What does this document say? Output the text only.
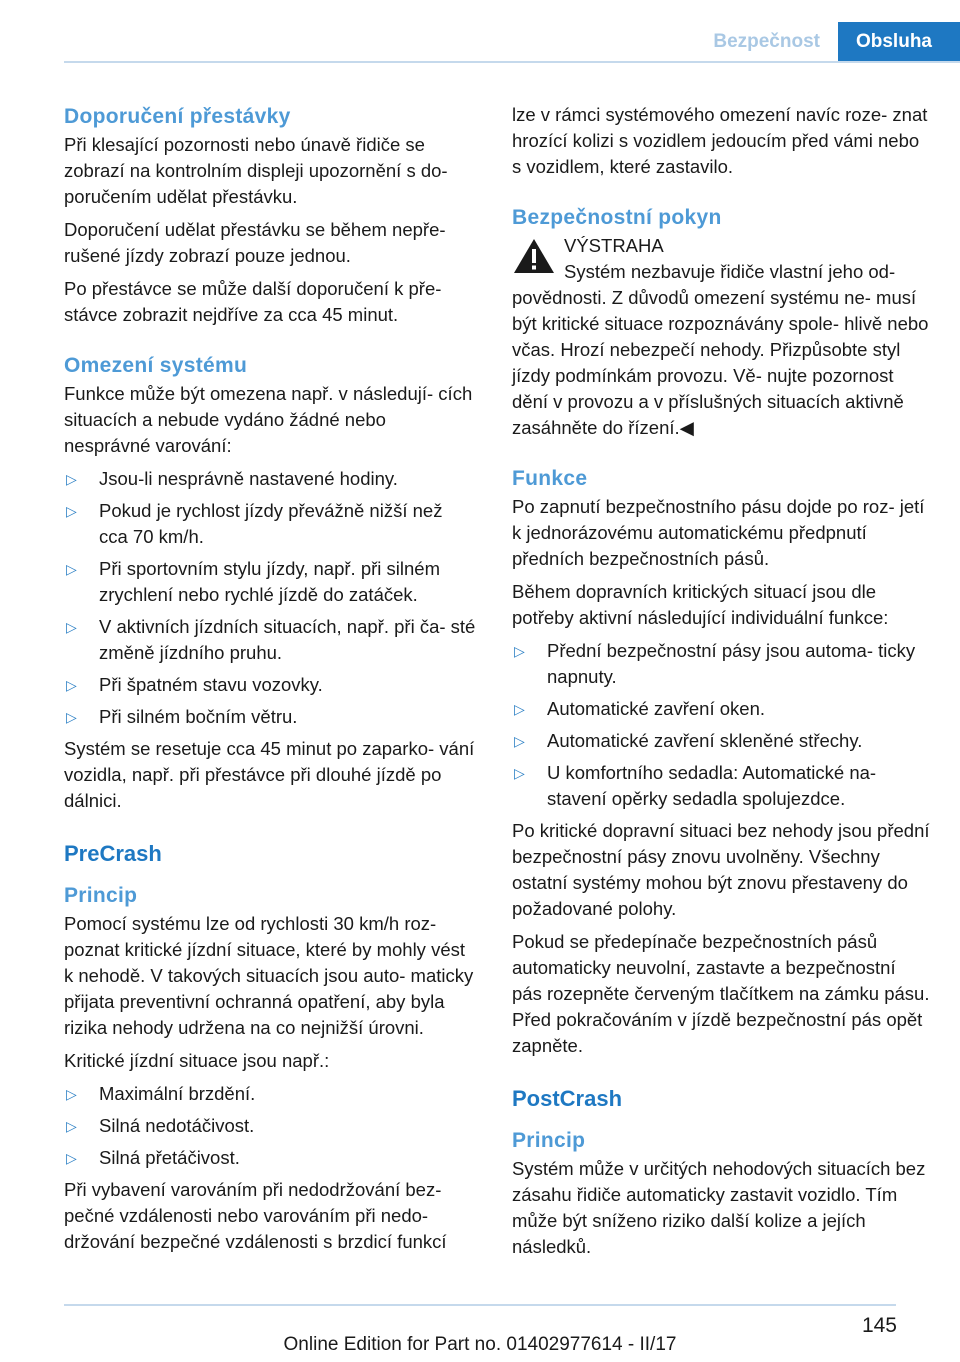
Bezpečnost	Obsluha
Doporučení přestávky

Při klesající pozornosti nebo únavě řidiče se zobrazí na kontrolním displeji upozornění s do- poručením udělat přestávku.

Doporučení udělat přestávku se během nepře- rušené jízdy zobrazí pouze jednou.

Po přestávce se může další doporučení k pře- stávce zobrazit nejdříve za cca 45 minut.

Omezení systému

Funkce může být omezena např. v následují- cích situacích a nebude vydáno žádné nebo nesprávné varování:

▷ Jsou-li nesprávně nastavené hodiny.
▷ Pokud je rychlost jízdy převážně nižší než cca 70 km/h.
▷ Při sportovním stylu jízdy, např. při silném zrychlení nebo rychlé jízdě do zatáček.
▷ V aktivních jízdních situacích, např. při ča- sté změně jízdního pruhu.
▷ Při špatném stavu vozovky.
▷ Při silném bočním větru.

Systém se resetuje cca 45 minut po zaparko- vání vozidla, např. při přestávce při dlouhé jízdě po dálnici.

PreCrash
Princip

Pomocí systému lze od rychlosti 30 km/h roz- poznat kritické jízdní situace, které by mohly vést k nehodě. V takových situacích jsou auto- maticky přijata preventivní ochranná opatření, aby byla rizika nehody udržena na co nejnižší úrovni.

Kritické jízdní situace jsou např.:

▷ Maximální brzdění.
▷ Silná nedotáčivost.
▷ Silná přetáčivost.

Při vybavení varováním při nedodržování bez- pečné vzdálenosti nebo varováním při nedo- držování bezpečné vzdálenosti s brzdicí funkcí

lze v rámci systémového omezení navíc roze- znat hrozící kolizi s vozidlem jedoucím před vámi nebo s vozidlem, které zastavilo.

Bezpečnostní pokyn
VÝSTRAHA

Systém nezbavuje řidiče vlastní jeho od- povědnosti. Z důvodů omezení systému ne- musí být kritické situace rozpoznávány spole- hlivě nebo včas. Hrozí nebezpečí nehody. Přizpůsobte styl jízdy podmínkám provozu. Vě- nujte pozornost dění v provozu a v příslušných situacích aktivně zasáhněte do řízení.◀

Funkce

Po zapnutí bezpečnostního pásu dojde po roz- jetí k jednorázovému automatickému předpnutí předních bezpečnostních pásů.

Během dopravních kritických situací jsou dle potřeby aktivní následující individuální funkce:

▷ Přední bezpečnostní pásy jsou automa- ticky napnuty.
▷ Automatické zavření oken.
▷ Automatické zavření skleněné střechy.
▷ U komfortního sedadla: Automatické na- stavení opěrky sedadla spolujezdce.

Po kritické dopravní situaci bez nehody jsou přední bezpečnostní pásy znovu uvolněny. Všechny ostatní systémy mohou být znovu přestaveny do požadované polohy.

Pokud se předepínače bezpečnostních pásů automaticky neuvolní, zastavte a bezpečnostní pás rozepněte červeným tlačítkem na zámku pásu. Před pokračováním v jízdě bezpečnostní pás opět zapněte.

PostCrash
Princip

Systém může v určitých nehodových situacích bez zásahu řidiče automaticky zastavit vozidlo. Tím může být sníženo riziko další kolize a jejích následků.

145
Online Edition for Part no. 01402977614 - II/17
